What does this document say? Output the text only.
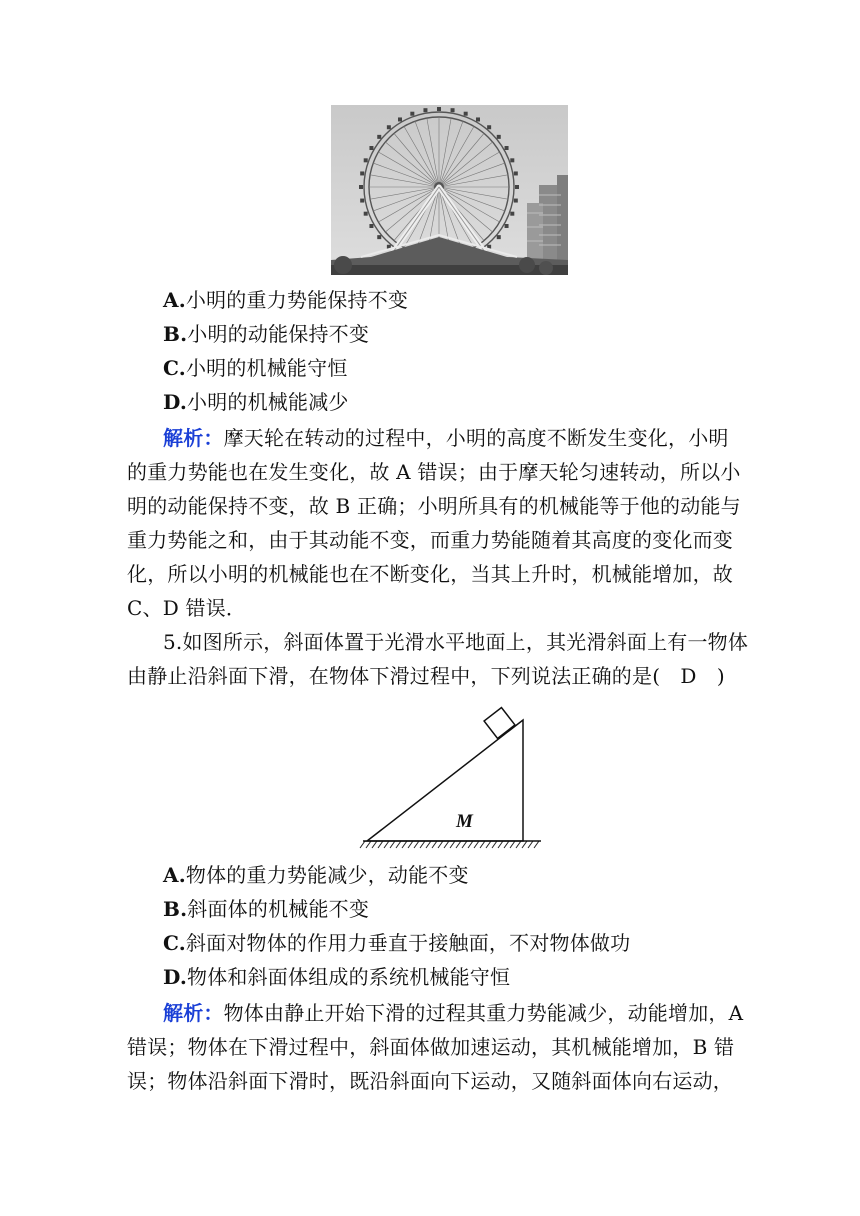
A.小明的重力势能保持不变
B.小明的动能保持不变
C.小明的机械能守恒
D.小明的机械能减少
解析：摩天轮在转动的过程中，小明的高度不断发生变化，小明
的重力势能也在发生变化，故 A 错误；由于摩天轮匀速转动，所以小
明的动能保持不变，故 B 正确；小明所具有的机械能等于他的动能与
重力势能之和，由于其动能不变，而重力势能随着其高度的变化而变
化，所以小明的机械能也在不断变化，当其上升时，机械能增加，故
C、D 错误．
5.如图所示，斜面体置于光滑水平地面上，其光滑斜面上有一物体
由静止沿斜面下滑，在物体下滑过程中，下列说法正确的是(　D　)
M
A.物体的重力势能减少，动能不变
B.斜面体的机械能不变
C.斜面对物体的作用力垂直于接触面，不对物体做功
D.物体和斜面体组成的系统机械能守恒
解析：物体由静止开始下滑的过程其重力势能减少，动能增加，A
错误；物体在下滑过程中，斜面体做加速运动，其机械能增加，B 错
误；物体沿斜面下滑时，既沿斜面向下运动，又随斜面体向右运动，
